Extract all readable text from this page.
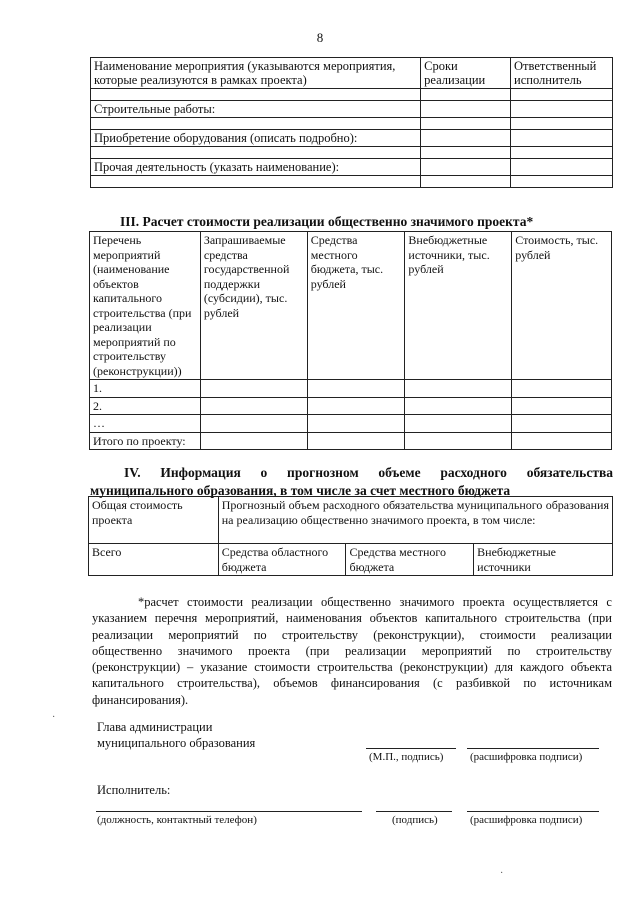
8
Наименование мероприятия (указываются мероприятия, которые реализуются в рамках проекта)	Сроки реализации	Ответственный исполнитель

Строительные работы:		

Приобретение оборудования (описать подробно):		

Прочая деятельность (указать наименование):		

III. Расчет стоимости реализации общественно значимого проекта*
Перечень мероприятий (наименование объектов капитального строительства (при реализации мероприятий по строительству (реконструкции))	Запрашиваемые средства государственной поддержки (субсидии), тыс. рублей	Средства местного бюджета, тыс. рублей	Внебюджетные источники, тыс. рублей	Стоимость, тыс. рублей
1.				
2.				
…				
Итого по проекту:				
IV. Информация о прогнозном объеме расходного обязательства
муниципального образования, в том числе за счет местного бюджета
Общая стоимость проекта	Прогнозный объем расходного обязательства муниципального образования на реализацию общественно значимого проекта, в том числе:		
Всего	Средства областного бюджета	Средства местного бюджета	Внебюджетные источники
*расчет стоимости реализации общественно значимого проекта осуществляется с указанием перечня мероприятий, наименования объектов капитального строительства (при реализации мероприятий по строительству (реконструкции), стоимости реализации общественно значимого проекта (при реализации мероприятий по строительству (реконструкции) – указание стоимости строительства (реконструкции) для каждого объекта капитального строительства), объемов финансирования (с разбивкой по источникам финансирования).
Глава администрации
муниципального образования
(М.П., подпись) (расшифровка подписи)
Исполнитель:
(должность, контактный телефон)	(подпись)	(расшифровка подписи)
·
·
